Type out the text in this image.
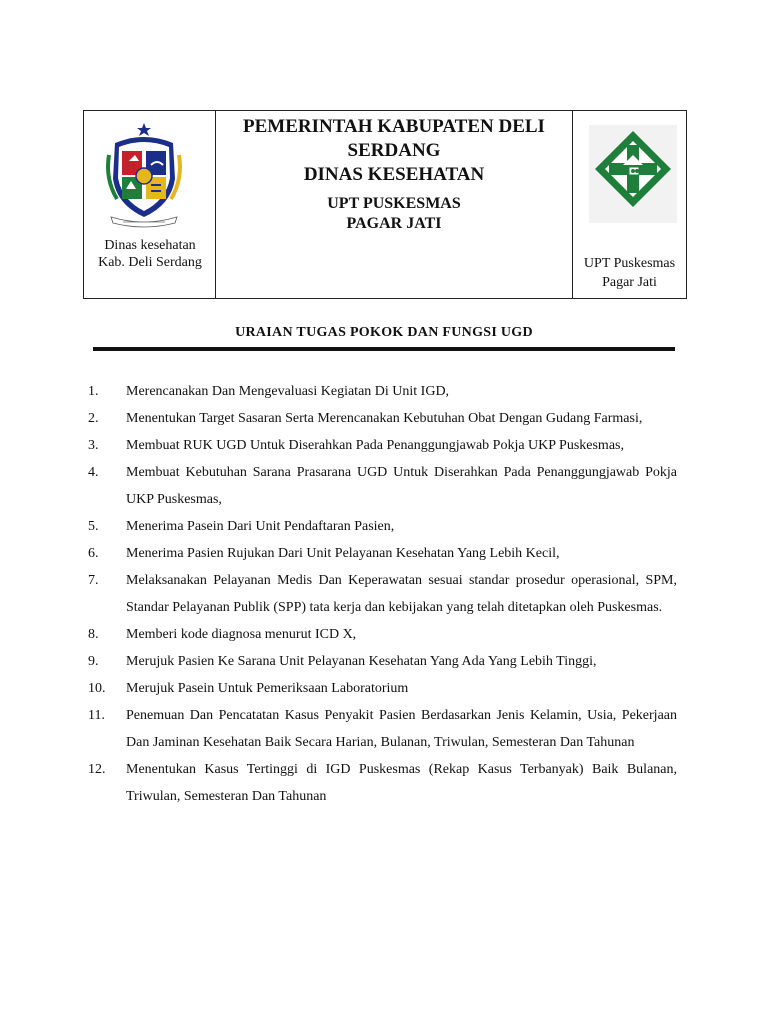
Dinas kesehatan
Kab. Deli Serdang
PEMERINTAH KABUPATEN DELI
SERDANG
DINAS KESEHATAN
UPT PUSKESMAS
PAGAR JATI
UPT Puskesmas
Pagar Jati
URAIAN TUGAS POKOK DAN FUNGSI UGD
1.	Merencanakan Dan Mengevaluasi Kegiatan Di Unit IGD,
2.	Menentukan Target Sasaran Serta Merencanakan Kebutuhan Obat Dengan Gudang Farmasi,
3.	Membuat RUK UGD Untuk Diserahkan Pada Penanggungjawab Pokja UKP Puskesmas,
4.	Membuat Kebutuhan Sarana Prasarana UGD Untuk Diserahkan Pada Penanggungjawab Pokja UKP Puskesmas,
5.	Menerima Pasein Dari Unit Pendaftaran Pasien,
6.	Menerima Pasien Rujukan Dari Unit Pelayanan Kesehatan Yang Lebih Kecil,
7.	Melaksanakan Pelayanan Medis Dan Keperawatan sesuai standar prosedur operasional, SPM, Standar Pelayanan Publik (SPP) tata kerja dan kebijakan yang telah ditetapkan oleh Puskesmas.
8.	Memberi kode diagnosa menurut ICD X,
9.	Merujuk Pasien Ke Sarana Unit Pelayanan Kesehatan Yang Ada Yang Lebih Tinggi,
10.	Merujuk Pasein Untuk Pemeriksaan Laboratorium
11.	Penemuan Dan Pencatatan Kasus Penyakit Pasien Berdasarkan Jenis Kelamin, Usia, Pekerjaan Dan Jaminan Kesehatan Baik Secara Harian, Bulanan, Triwulan, Semesteran Dan Tahunan
12.	Menentukan Kasus Tertinggi di IGD Puskesmas (Rekap Kasus Terbanyak) Baik Bulanan, Triwulan, Semesteran Dan Tahunan
